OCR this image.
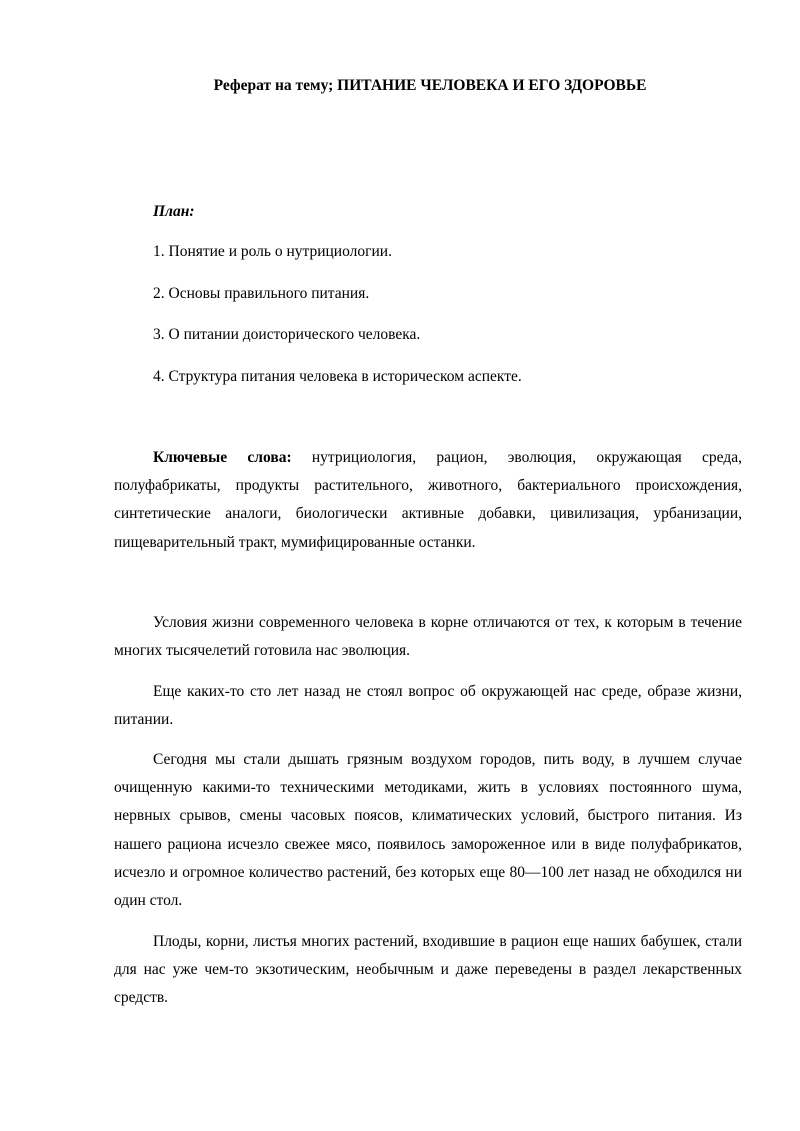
Реферат на тему; ПИТАНИЕ ЧЕЛОВЕКА И ЕГО ЗДОРОВЬЕ
План:
1. Понятие и роль о нутрициологии.
2. Основы правильного питания.
3. О питании доисторического человека.
4. Структура питания человека в историческом аспекте.

Ключевые слова: нутрициология, рацион, эволюция, окружающая среда, полуфабрикаты, продукты растительного, животного, бактериального происхождения, синтетические аналоги, биологически активные добавки, цивилизация, урбанизации, пищеварительный тракт, мумифицированные останки.

Условия жизни современного человека в корне отличаются от тех, к которым в течение многих тысячелетий готовила нас эволюция.

Еще каких-то сто лет назад не стоял вопрос об окружающей нас среде, образе жизни, питании.

Сегодня мы стали дышать грязным воздухом городов, пить воду, в лучшем случае очищенную какими-то техническими методиками, жить в условиях постоянного шума, нервных срывов, смены часовых поясов, климатических условий, быстрого питания. Из нашего рациона исчезло свежее мясо, появилось замороженное или в виде полуфабрикатов, исчезло и огромное количество растений, без которых еще 80—100 лет назад не обходился ни один стол.

Плоды, корни, листья многих растений, входившие в рацион еще наших бабушек, стали для нас уже чем-то экзотическим, необычным и даже переведены в раздел лекарственных средств.
